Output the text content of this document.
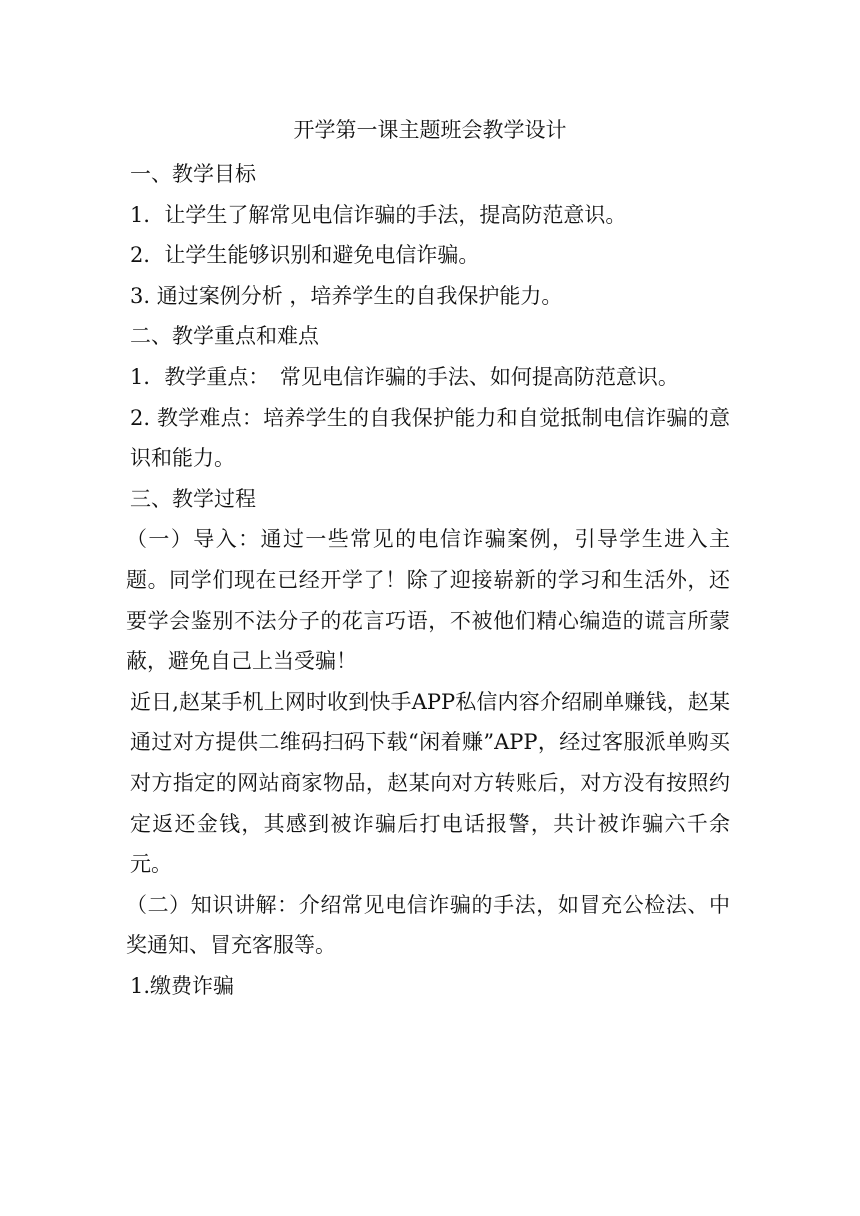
开学第一课主题班会教学设计

一、教学目标

1．让学生了解常见电信诈骗的手法，提高防范意识。

2．让学生能够识别和避免电信诈骗。

3. 通过案例分析 ，培养学生的自我保护能力。

二、教学重点和难点

1．教学重点：　常见电信诈骗的手法、如何提高防范意识。

2. 教学难点：培养学生的自我保护能力和自觉抵制电信诈骗的意识和能力。

三、教学过程

（一）导入：通过一些常见的电信诈骗案例，引导学生进入主题。同学们现在已经开学了！除了迎接崭新的学习和生活外，还要学会鉴别不法分子的花言巧语，不被他们精心编造的谎言所蒙蔽，避免自己上当受骗！

近日,赵某手机上网时收到快手APP私信内容介绍刷单赚钱，赵某通过对方提供二维码扫码下载“闲着赚”APP，经过客服派单购买对方指定的网站商家物品，赵某向对方转账后，对方没有按照约定返还金钱，其感到被诈骗后打电话报警，共计被诈骗六千余元。

（二）知识讲解：介绍常见电信诈骗的手法，如冒充公检法、中奖通知、冒充客服等。

1.缴费诈骗
